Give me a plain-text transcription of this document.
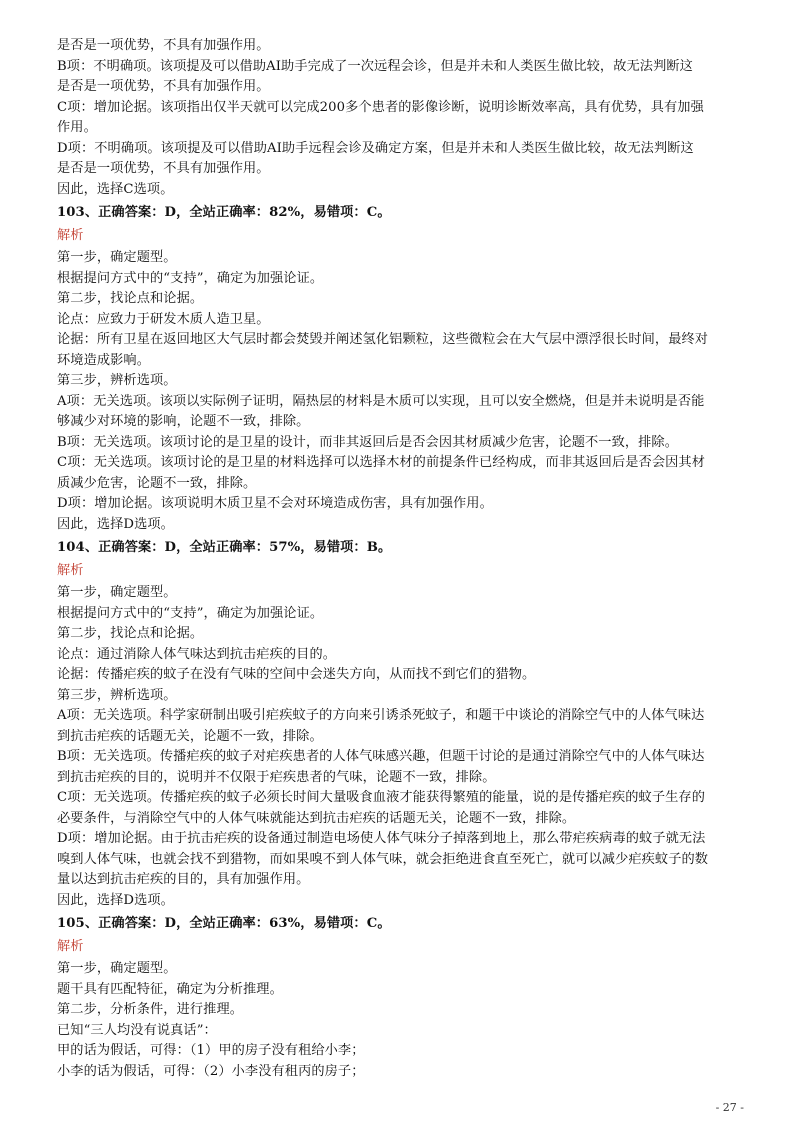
是否是一项优势，不具有加强作用。
B项：不明确项。该项提及可以借助AI助手完成了一次远程会诊，但是并未和人类医生做比较，故无法判断这
是否是一项优势，不具有加强作用。
C项：增加论据。该项指出仅半天就可以完成200多个患者的影像诊断，说明诊断效率高，具有优势，具有加强
作用。
D项：不明确项。该项提及可以借助AI助手远程会诊及确定方案，但是并未和人类医生做比较，故无法判断这
是否是一项优势，不具有加强作用。
因此，选择C选项。
103、正确答案：D，全站正确率：82%，易错项：C。
解析
第一步，确定题型。
根据提问方式中的“支持”，确定为加强论证。
第二步，找论点和论据。
论点：应致力于研发木质人造卫星。
论据：所有卫星在返回地区大气层时都会焚毁并阐述氢化铝颗粒，这些微粒会在大气层中漂浮很长时间，最终对
环境造成影响。
第三步，辨析选项。
A项：无关选项。该项以实际例子证明，隔热层的材料是木质可以实现，且可以安全燃烧，但是并未说明是否能
够减少对环境的影响，论题不一致，排除。
B项：无关选项。该项讨论的是卫星的设计，而非其返回后是否会因其材质减少危害，论题不一致，排除。
C项：无关选项。该项讨论的是卫星的材料选择可以选择木材的前提条件已经构成，而非其返回后是否会因其材
质减少危害，论题不一致，排除。
D项：增加论据。该项说明木质卫星不会对环境造成伤害，具有加强作用。
因此，选择D选项。
104、正确答案：D，全站正确率：57%，易错项：B。
解析
第一步，确定题型。
根据提问方式中的“支持”，确定为加强论证。
第二步，找论点和论据。
论点：通过消除人体气味达到抗击疟疾的目的。
论据：传播疟疾的蚊子在没有气味的空间中会迷失方向，从而找不到它们的猎物。
第三步，辨析选项。
A项：无关选项。科学家研制出吸引疟疾蚊子的方向来引诱杀死蚊子，和题干中谈论的消除空气中的人体气味达
到抗击疟疾的话题无关，论题不一致，排除。
B项：无关选项。传播疟疾的蚊子对疟疾患者的人体气味感兴趣，但题干讨论的是通过消除空气中的人体气味达
到抗击疟疾的目的，说明并不仅限于疟疾患者的气味，论题不一致，排除。
C项：无关选项。传播疟疾的蚊子必须长时间大量吸食血液才能获得繁殖的能量，说的是传播疟疾的蚊子生存的
必要条件，与消除空气中的人体气味就能达到抗击疟疾的话题无关，论题不一致，排除。
D项：增加论据。由于抗击疟疾的设备通过制造电场使人体气味分子掉落到地上，那么带疟疾病毒的蚊子就无法
嗅到人体气味，也就会找不到猎物，而如果嗅不到人体气味，就会拒绝进食直至死亡，就可以减少疟疾蚊子的数
量以达到抗击疟疾的目的，具有加强作用。
因此，选择D选项。
105、正确答案：D，全站正确率：63%，易错项：C。
解析
第一步，确定题型。
题干具有匹配特征，确定为分析推理。
第二步，分析条件，进行推理。
已知“三人均没有说真话”：
甲的话为假话，可得：（1）甲的房子没有租给小李；
小李的话为假话，可得：（2）小李没有租丙的房子；
- 27 -
